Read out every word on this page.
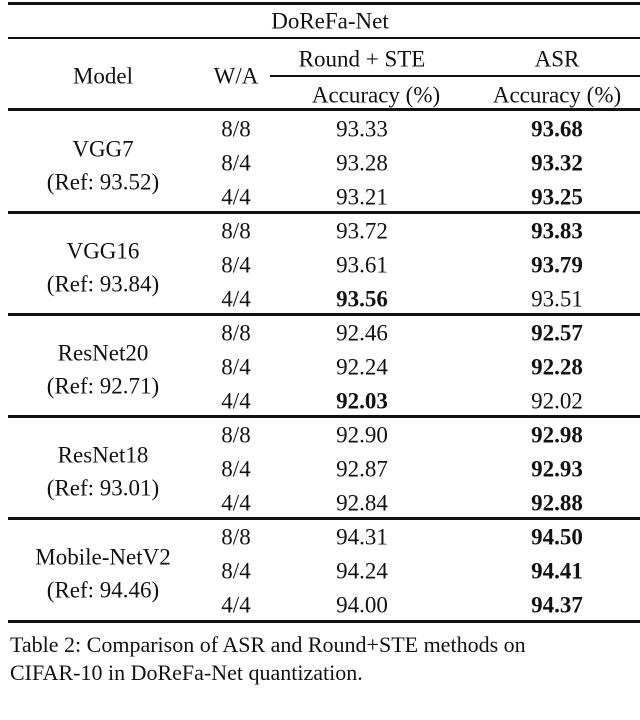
DoReFa-Net
Model	W/A
Round + STE	ASR
Accuracy (%) Accuracy (%)
VGG7
(Ref: 93.52)
8/8	93.33	93.68
8/4	93.28	93.32
4/4	93.21	93.25
VGG16
(Ref: 93.84)
8/8	93.72	93.83
8/4	93.61	93.79
4/4	93.56	93.51
ResNet20
(Ref: 92.71)
8/8	92.46	92.57
8/4	92.24	92.28
4/4	92.03	92.02
ResNet18
(Ref: 93.01)
8/8	92.90	92.98
8/4	92.87	92.93
4/4	92.84	92.88
Mobile-NetV2
(Ref: 94.46)
8/8	94.31	94.50
8/4	94.24	94.41
4/4	94.00	94.37
Table 2: Comparison of ASR and Round+STE methods on
CIFAR-10 in DoReFa-Net quantization.
